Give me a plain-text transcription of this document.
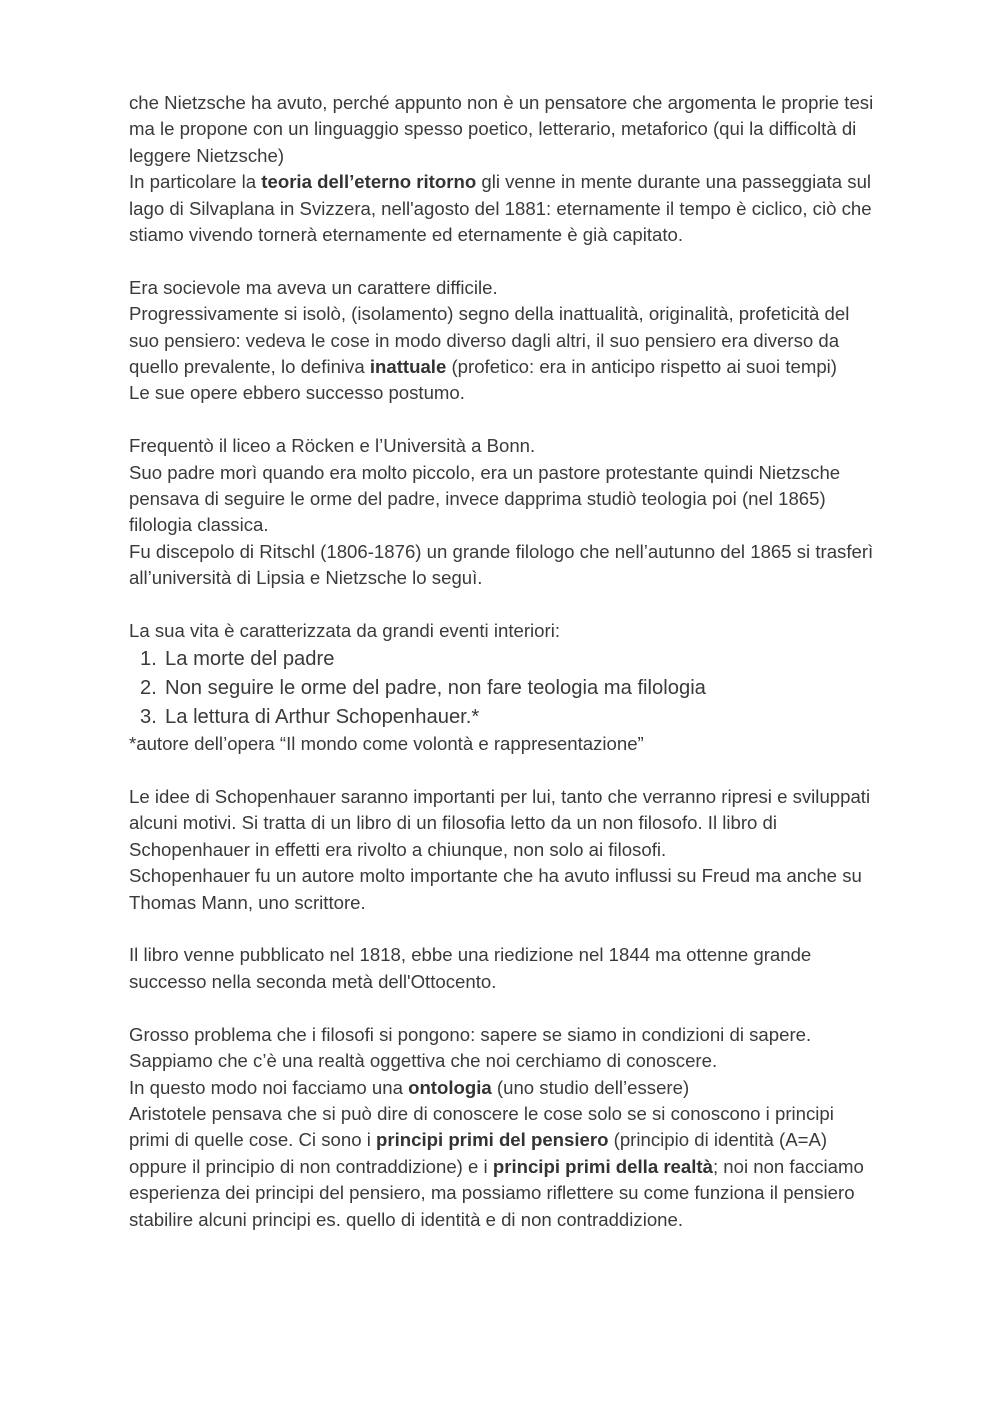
che Nietzsche ha avuto, perché appunto non è un pensatore che argomenta le proprie tesi ma le propone con un linguaggio spesso poetico, letterario, metaforico (qui la difficoltà di leggere Nietzsche)

In particolare la teoria dell’eterno ritorno gli venne in mente durante una passeggiata sul lago di Silvaplana in Svizzera, nell'agosto del 1881: eternamente il tempo è ciclico, ciò che stiamo vivendo tornerà eternamente ed eternamente è già capitato.

Era socievole ma aveva un carattere difficile.

Progressivamente si isolò, (isolamento) segno della inattualità, originalità, profeticità del suo pensiero: vedeva le cose in modo diverso dagli altri, il suo pensiero era diverso da quello prevalente, lo definiva inattuale (profetico: era in anticipo rispetto ai suoi tempi)

Le sue opere ebbero successo postumo.

Frequentò il liceo a Röcken e l’Università a Bonn.

Suo padre morì quando era molto piccolo, era un pastore protestante quindi Nietzsche pensava di seguire le orme del padre, invece dapprima studiò teologia poi (nel 1865) filologia classica.

Fu discepolo di Ritschl (1806-1876) un grande filologo che nell’autunno del 1865 si trasferì all’università di Lipsia e Nietzsche lo seguì.

La sua vita è caratterizzata da grandi eventi interiori:

1. La morte del padre
2. Non seguire le orme del padre, non fare teologia ma filologia
3. La lettura di Arthur Schopenhauer.*

*autore dell’opera “Il mondo come volontà e rappresentazione”

Le idee di Schopenhauer saranno importanti per lui, tanto che verranno ripresi e sviluppati alcuni motivi. Si tratta di un libro di un filosofia letto da un non filosofo. Il libro di Schopenhauer in effetti era rivolto a chiunque, non solo ai filosofi.

Schopenhauer fu un autore molto importante che ha avuto influssi su Freud ma anche su Thomas Mann, uno scrittore.

Il libro venne pubblicato nel 1818, ebbe una riedizione nel 1844 ma ottenne grande successo nella seconda metà dell'Ottocento.

Grosso problema che i filosofi si pongono: sapere se siamo in condizioni di sapere. Sappiamo che c’è una realtà oggettiva che noi cerchiamo di conoscere.

In questo modo noi facciamo una ontologia (uno studio dell’essere)

Aristotele pensava che si può dire di conoscere le cose solo se si conoscono i principi primi di quelle cose. Ci sono i principi primi del pensiero (principio di identità (A=A) oppure il principio di non contraddizione) e i principi primi della realtà; noi non facciamo esperienza dei principi del pensiero, ma possiamo riflettere su come funziona il pensiero stabilire alcuni principi es. quello di identità e di non contraddizione.
